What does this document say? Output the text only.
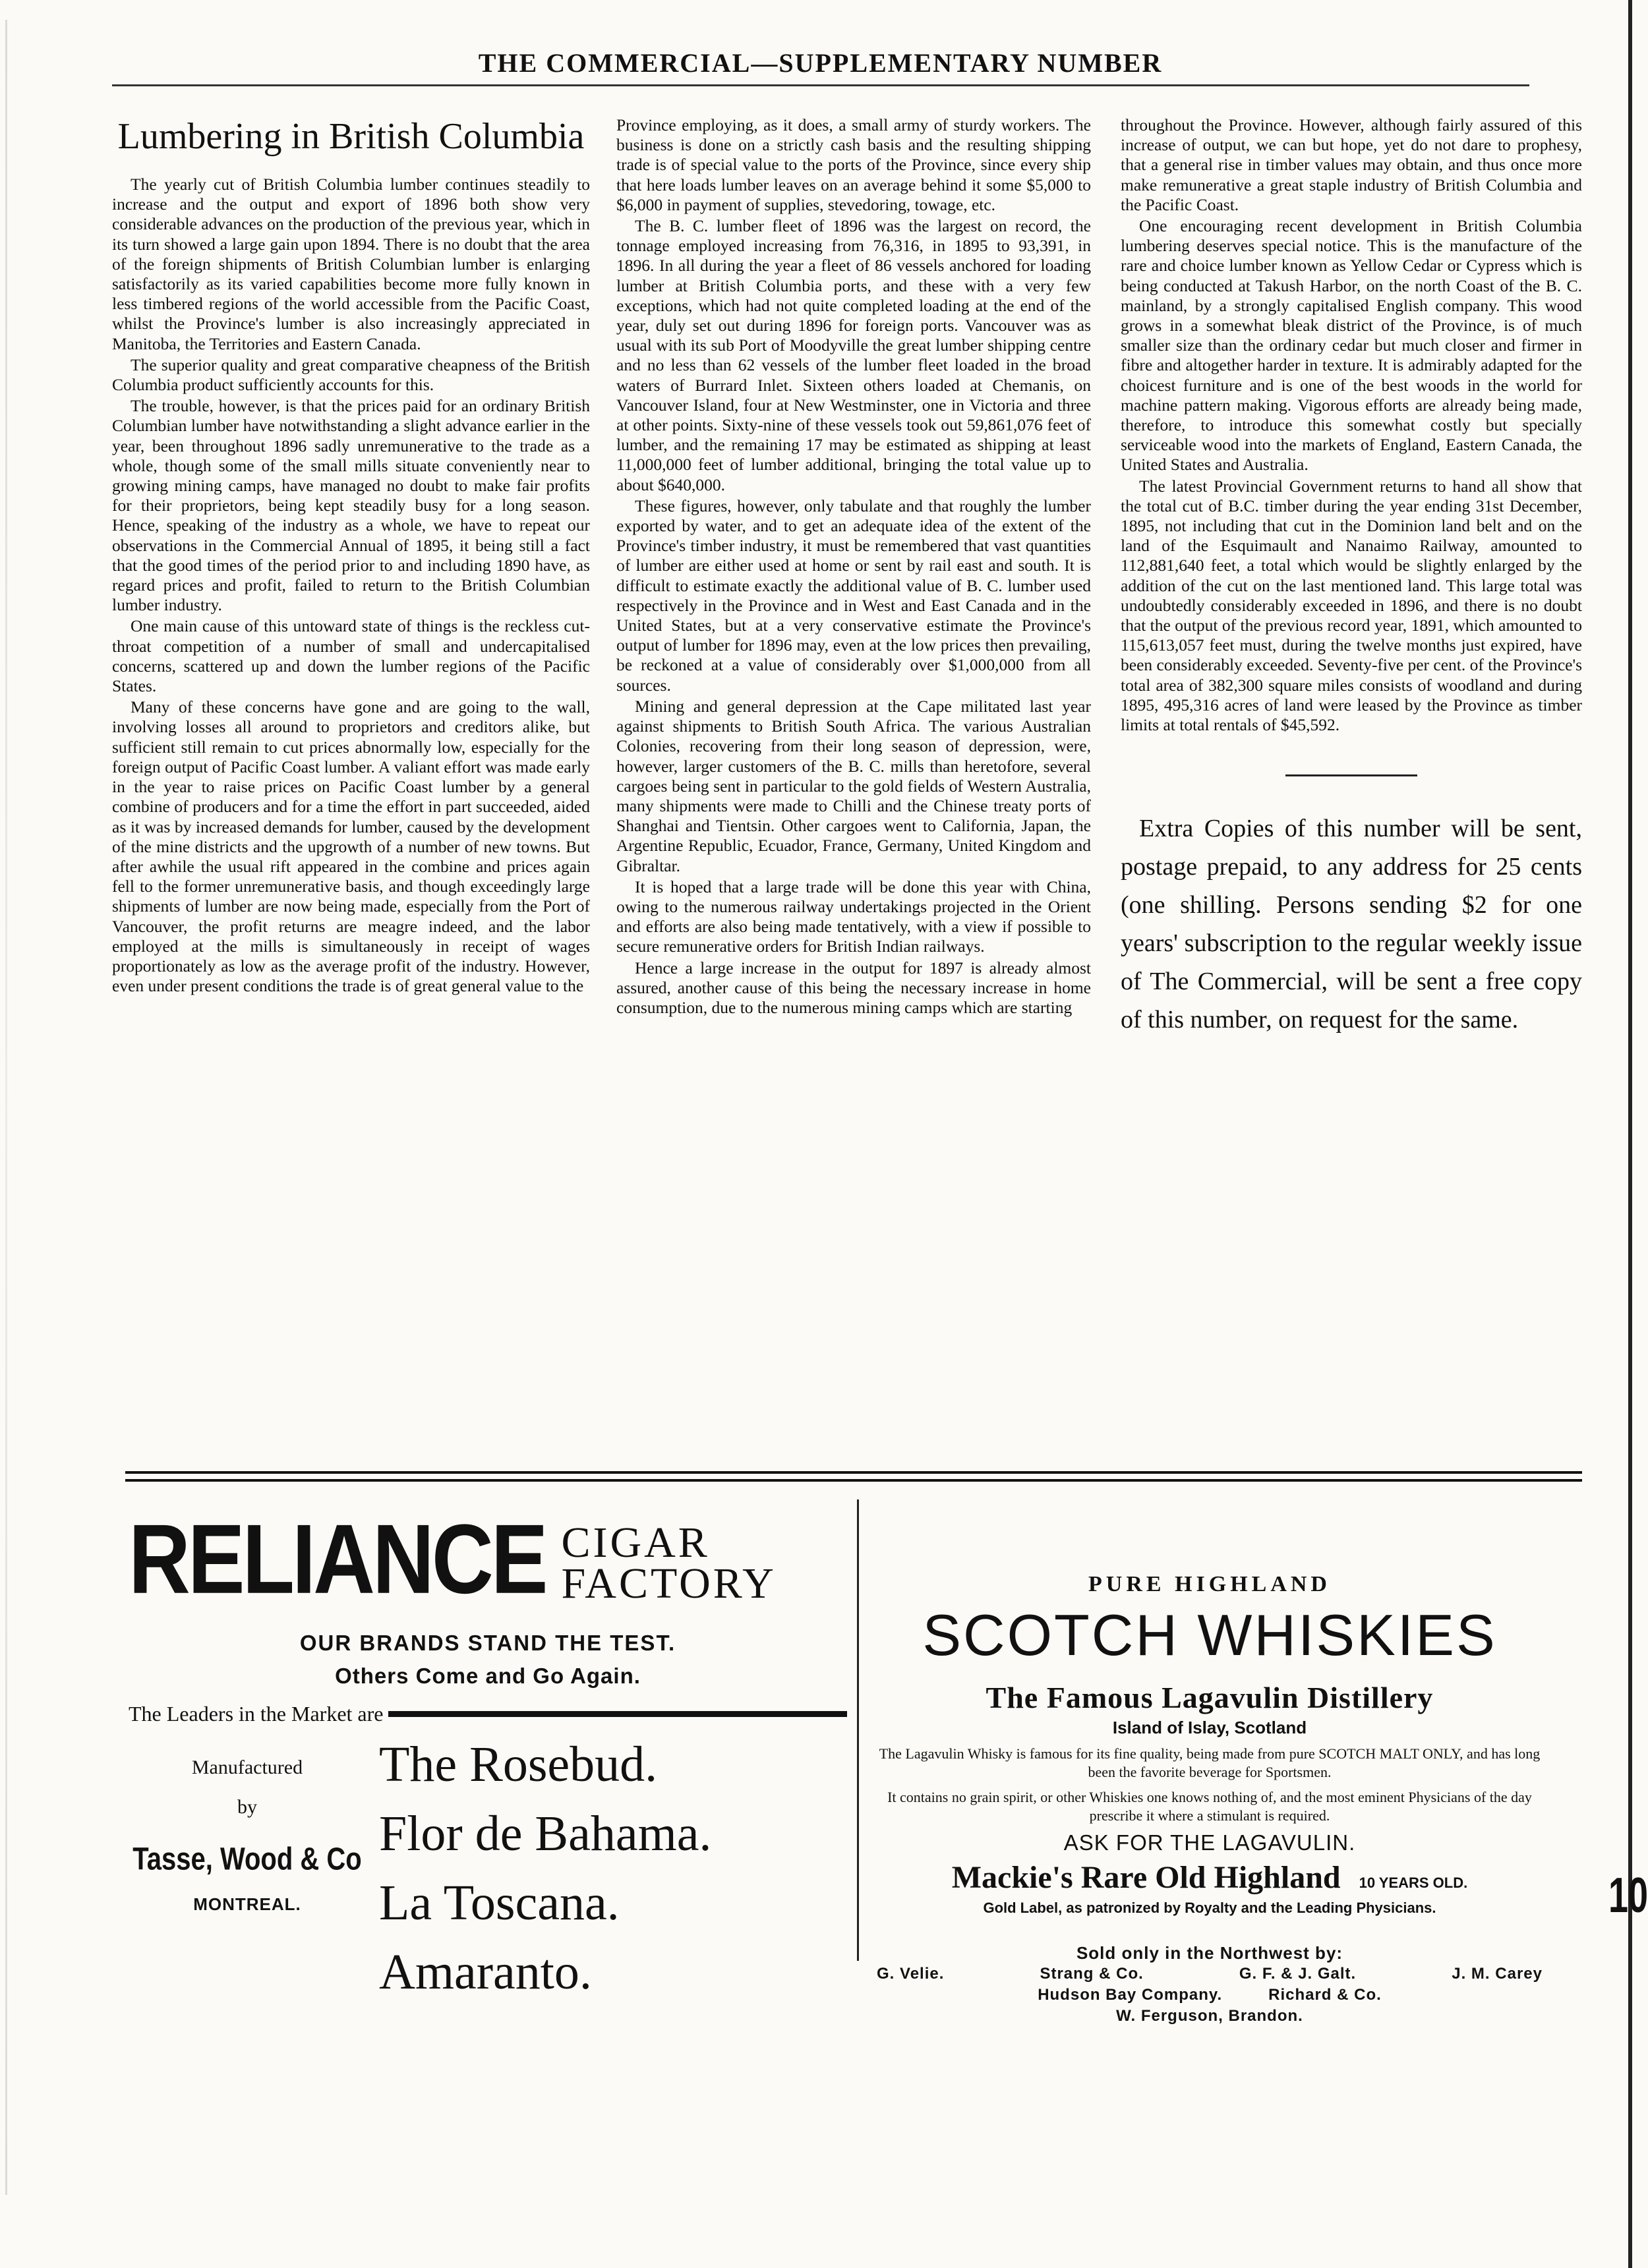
THE COMMERCIAL—SUPPLEMENTARY NUMBER
Lumbering in British Columbia

The yearly cut of British Columbia lumber continues steadily to increase and the output and export of 1896 both show very considerable advances on the production of the previous year, which in its turn showed a large gain upon 1894. There is no doubt that the area of the foreign shipments of British Columbian lumber is enlarging satisfactorily as its varied capabilities become more fully known in less timbered regions of the world accessible from the Pacific Coast, whilst the Province's lumber is also increasingly appreciated in Manitoba, the Territories and Eastern Canada.

The superior quality and great comparative cheapness of the British Columbia product sufficiently accounts for this.

The trouble, however, is that the prices paid for an ordinary British Columbian lumber have notwithstanding a slight advance earlier in the year, been throughout 1896 sadly unremunerative to the trade as a whole, though some of the small mills situate conveniently near to growing mining camps, have managed no doubt to make fair profits for their proprietors, being kept steadily busy for a long season. Hence, speaking of the industry as a whole, we have to repeat our observations in the Commercial Annual of 1895, it being still a fact that the good times of the period prior to and including 1890 have, as regard prices and profit, failed to return to the British Columbian lumber industry.

One main cause of this untoward state of things is the reckless cut-throat competition of a number of small and undercapitalised concerns, scattered up and down the lumber regions of the Pacific States.

Many of these concerns have gone and are going to the wall, involving losses all around to proprietors and creditors alike, but sufficient still remain to cut prices abnormally low, especially for the foreign output of Pacific Coast lumber. A valiant effort was made early in the year to raise prices on Pacific Coast lumber by a general combine of producers and for a time the effort in part succeeded, aided as it was by increased demands for lumber, caused by the development of the mine districts and the upgrowth of a number of new towns. But after awhile the usual rift appeared in the combine and prices again fell to the former unremunerative basis, and though exceedingly large shipments of lumber are now being made, especially from the Port of Vancouver, the profit returns are meagre indeed, and the labor employed at the mills is simultaneously in receipt of wages proportionately as low as the average profit of the industry. However, even under present conditions the trade is of great general value to the

Province employing, as it does, a small army of sturdy workers. The business is done on a strictly cash basis and the resulting shipping trade is of special value to the ports of the Province, since every ship that here loads lumber leaves on an average behind it some $5,000 to $6,000 in payment of supplies, stevedoring, towage, etc.

The B. C. lumber fleet of 1896 was the largest on record, the tonnage employed increasing from 76,316, in 1895 to 93,391, in 1896. In all during the year a fleet of 86 vessels anchored for loading lumber at British Columbia ports, and these with a very few exceptions, which had not quite completed loading at the end of the year, duly set out during 1896 for foreign ports. Vancouver was as usual with its sub Port of Moodyville the great lumber shipping centre and no less than 62 vessels of the lumber fleet loaded in the broad waters of Burrard Inlet. Sixteen others loaded at Chemanis, on Vancouver Island, four at New Westminster, one in Victoria and three at other points. Sixty-nine of these vessels took out 59,861,076 feet of lumber, and the remaining 17 may be estimated as shipping at least 11,000,000 feet of lumber additional, bringing the total value up to about $640,000.

These figures, however, only tabulate and that roughly the lumber exported by water, and to get an adequate idea of the extent of the Province's timber industry, it must be remembered that vast quantities of lumber are either used at home or sent by rail east and south. It is difficult to estimate exactly the additional value of B. C. lumber used respectively in the Province and in West and East Canada and in the United States, but at a very conservative estimate the Province's output of lumber for 1896 may, even at the low prices then prevailing, be reckoned at a value of considerably over $1,000,000 from all sources.

Mining and general depression at the Cape militated last year against shipments to British South Africa. The various Australian Colonies, recovering from their long season of depression, were, however, larger customers of the B. C. mills than heretofore, several cargoes being sent in particular to the gold fields of Western Australia, many shipments were made to Chilli and the Chinese treaty ports of Shanghai and Tientsin. Other cargoes went to California, Japan, the Argentine Republic, Ecuador, France, Germany, United Kingdom and Gibraltar.

It is hoped that a large trade will be done this year with China, owing to the numerous railway undertakings projected in the Orient and efforts are also being made tentatively, with a view if possible to secure remunerative orders for British Indian railways.

Hence a large increase in the output for 1897 is already almost assured, another cause of this being the necessary increase in home consumption, due to the numerous mining camps which are starting

throughout the Province. However, although fairly assured of this increase of output, we can but hope, yet do not dare to prophesy, that a general rise in timber values may obtain, and thus once more make remunerative a great staple industry of British Columbia and the Pacific Coast.

One encouraging recent development in British Columbia lumbering deserves special notice. This is the manufacture of the rare and choice lumber known as Yellow Cedar or Cypress which is being conducted at Takush Harbor, on the north Coast of the B. C. mainland, by a strongly capitalised English company. This wood grows in a somewhat bleak district of the Province, is of much smaller size than the ordinary cedar but much closer and firmer in fibre and altogether harder in texture. It is admirably adapted for the choicest furniture and is one of the best woods in the world for machine pattern making. Vigorous efforts are already being made, therefore, to introduce this somewhat costly but specially serviceable wood into the markets of England, Eastern Canada, the United States and Australia.

The latest Provincial Government returns to hand all show that the total cut of B.C. timber during the year ending 31st December, 1895, not including that cut in the Dominion land belt and on the land of the Esquimault and Nanaimo Railway, amounted to 112,881,640 feet, a total which would be slightly enlarged by the addition of the cut on the last mentioned land. This large total was undoubtedly considerably exceeded in 1896, and there is no doubt that the output of the previous record year, 1891, which amounted to 115,613,057 feet must, during the twelve months just expired, have been considerably exceeded. Seventy-five per cent. of the Province's total area of 382,300 square miles consists of woodland and during 1895, 495,316 acres of land were leased by the Province as timber limits at total rentals of $45,592.

Extra Copies of this number will be sent, postage prepaid, to any address for 25 cents (one shilling. Persons sending $2 for one years' subscription to the regular weekly issue of The Commercial, will be sent a free copy of this number, on request for the same.

RELIANCE CIGAR
FACTORY
OUR BRANDS STAND THE TEST.
Others Come and Go Again.
The Leaders in the Market are
Manufactured
by
Tasse, Wood & Co
MONTREAL.
The Rosebud.
Flor de Bahama.
La Toscana.
Amaranto.
PURE HIGHLAND
SCOTCH WHISKIES
The Famous Lagavulin Distillery
Island of Islay, Scotland
The Lagavulin Whisky is famous for its fine quality, being made from pure SCOTCH MALT ONLY, and has long been the favorite beverage for Sportsmen.
It contains no grain spirit, or other Whiskies one knows nothing of, and the most eminent Physicians of the day prescribe it where a stimulant is required.
ASK FOR THE LAGAVULIN.
Mackie's Rare Old Highland 10 YEARS OLD.
Gold Label, as patronized by Royalty and the Leading Physicians.
Sold only in the Northwest by:
G. Velie.	Strang & Co.	G. F. & J. Galt.	J. M. Carey
Hudson Bay Company.	Richard & Co.
W. Ferguson, Brandon.
10
